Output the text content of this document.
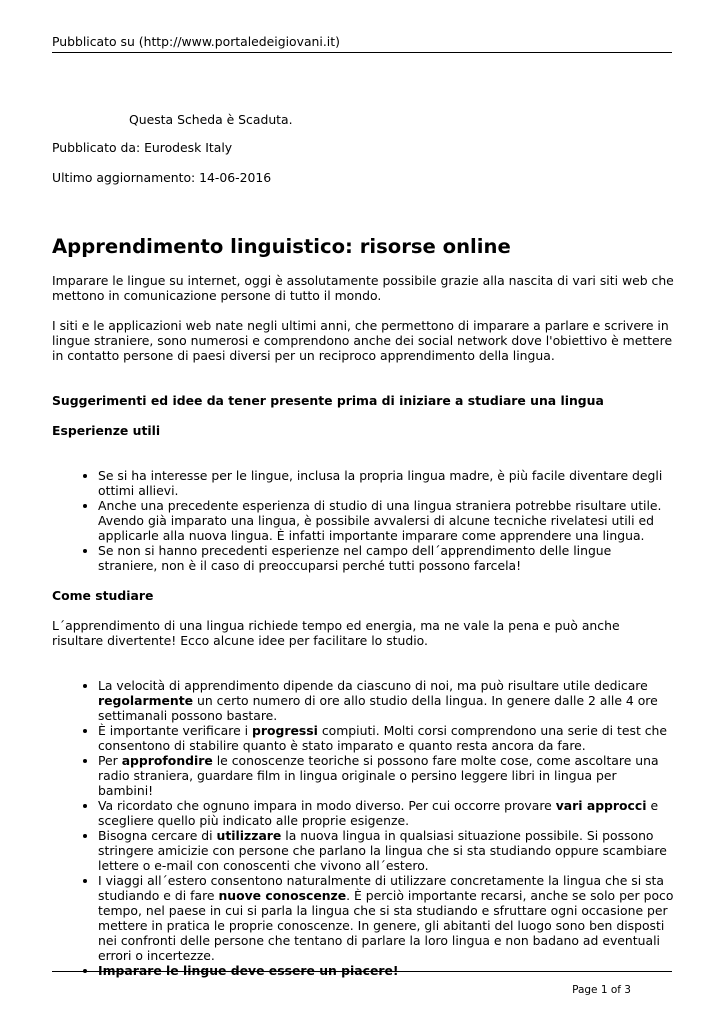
Pubblicato su (http://www.portaledeigiovani.it)
Questa Scheda è Scaduta.
Pubblicato da: Eurodesk Italy
Ultimo aggiornamento: 14-06-2016
Apprendimento linguistico: risorse online

Imparare le lingue su internet, oggi è assolutamente possibile grazie alla nascita di vari siti web che mettono in comunicazione persone di tutto il mondo.

I siti e le applicazioni web nate negli ultimi anni, che permettono di imparare a parlare e scrivere in lingue straniere, sono numerosi e comprendono anche dei social network dove l'obiettivo è mettere in contatto persone di paesi diversi per un reciproco apprendimento della lingua.

Suggerimenti ed idee da tener presente prima di iniziare a studiare una lingua
Esperienze utili
• Se si ha interesse per le lingue, inclusa la propria lingua madre, è più facile diventare degli ottimi allievi.
• Anche una precedente esperienza di studio di una lingua straniera potrebbe risultare utile. Avendo già imparato una lingua, è possibile avvalersi di alcune tecniche rivelatesi utili ed applicarle alla nuova lingua. È infatti importante imparare come apprendere una lingua.
• Se non si hanno precedenti esperienze nel campo dell´apprendimento delle lingue straniere, non è il caso di preoccuparsi perché tutti possono farcela!
Come studiare

L´apprendimento di una lingua richiede tempo ed energia, ma ne vale la pena e può anche risultare divertente! Ecco alcune idee per facilitare lo studio.

• La velocità di apprendimento dipende da ciascuno di noi, ma può risultare utile dedicare regolarmente un certo numero di ore allo studio della lingua. In genere dalle 2 alle 4 ore settimanali possono bastare.
• È importante verificare i progressi compiuti. Molti corsi comprendono una serie di test che consentono di stabilire quanto è stato imparato e quanto resta ancora da fare.
• Per approfondire le conoscenze teoriche si possono fare molte cose, come ascoltare una radio straniera, guardare film in lingua originale o persino leggere libri in lingua per bambini!
• Va ricordato che ognuno impara in modo diverso. Per cui occorre provare vari approcci e scegliere quello più indicato alle proprie esigenze.
• Bisogna cercare di utilizzare la nuova lingua in qualsiasi situazione possibile. Si possono stringere amicizie con persone che parlano la lingua che si sta studiando oppure scambiare lettere o e-mail con conoscenti che vivono all´estero.
• I viaggi all´estero consentono naturalmente di utilizzare concretamente la lingua che si sta studiando e di fare nuove conoscenze. È perciò importante recarsi, anche se solo per poco tempo, nel paese in cui si parla la lingua che si sta studiando e sfruttare ogni occasione per mettere in pratica le proprie conoscenze. In genere, gli abitanti del luogo sono ben disposti nei confronti delle persone che tentano di parlare la loro lingua e non badano ad eventuali errori o incertezze.
• Imparare le lingue deve essere un piacere!
Page 1 of 3
